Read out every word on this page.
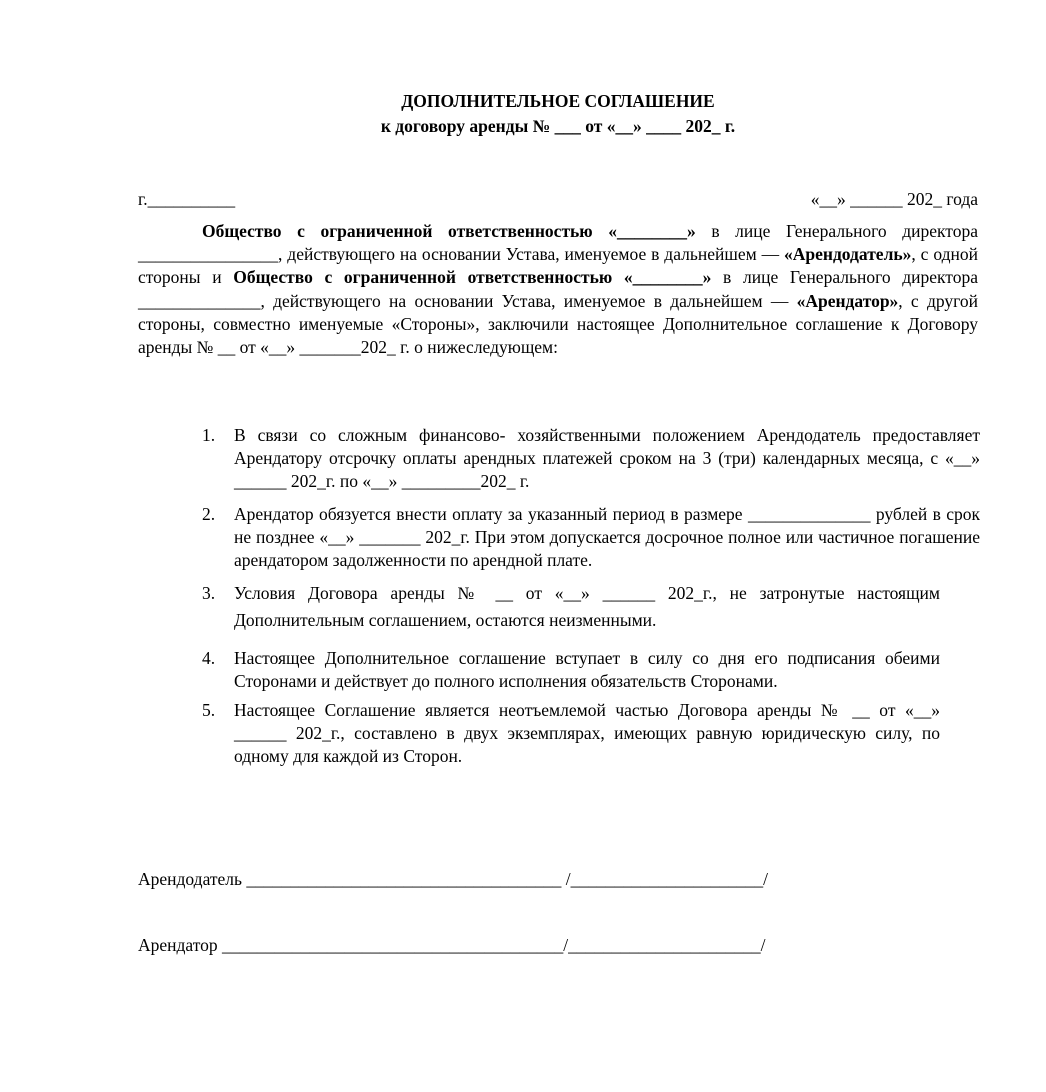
ДОПОЛНИТЕЛЬНОЕ СОГЛАШЕНИЕ
к договору аренды № ___ от «__» ____ 202_ г.
г.__________	«__» ______ 202_ года
Общество с ограниченной ответственностью «________» в лице Генерального директора ________________, действующего на основании Устава, именуемое в дальнейшем — «Арендодатель», с одной стороны и Общество с ограниченной ответственностью «________» в лице Генерального директора ______________, действующего на основании Устава, именуемое в дальнейшем — «Арендатор», с другой стороны, совместно именуемые «Стороны», заключили настоящее Дополнительное соглашение к Договору аренды № __ от «__» _______202_ г. о нижеследующем:
1. В связи со сложным финансово- хозяйственными положением Арендодатель предоставляет Арендатору отсрочку оплаты арендных платежей сроком на 3 (три) календарных месяца, с «__» ______ 202_г. по «__» _________202_ г.
2. Арендатор обязуется внести оплату за указанный период в размере ______________ рублей в срок не позднее «__» _______ 202_г. При этом допускается досрочное полное или частичное погашение арендатором задолженности по арендной плате.
3. Условия Договора аренды № __ от «__» ______ 202_г., не затронутые настоящим Дополнительным соглашением, остаются неизменными.
4. Настоящее Дополнительное соглашение вступает в силу со дня его подписания обеими Сторонами и действует до полного исполнения обязательств Сторонами.
5. Настоящее Соглашение является неотъемлемой частью Договора аренды № __ от «__» ______ 202_г., составлено в двух экземплярах, имеющих равную юридическую силу, по одному для каждой из Сторон.
Арендодатель ____________________________________ /______________________/
Арендатор _______________________________________/______________________/
